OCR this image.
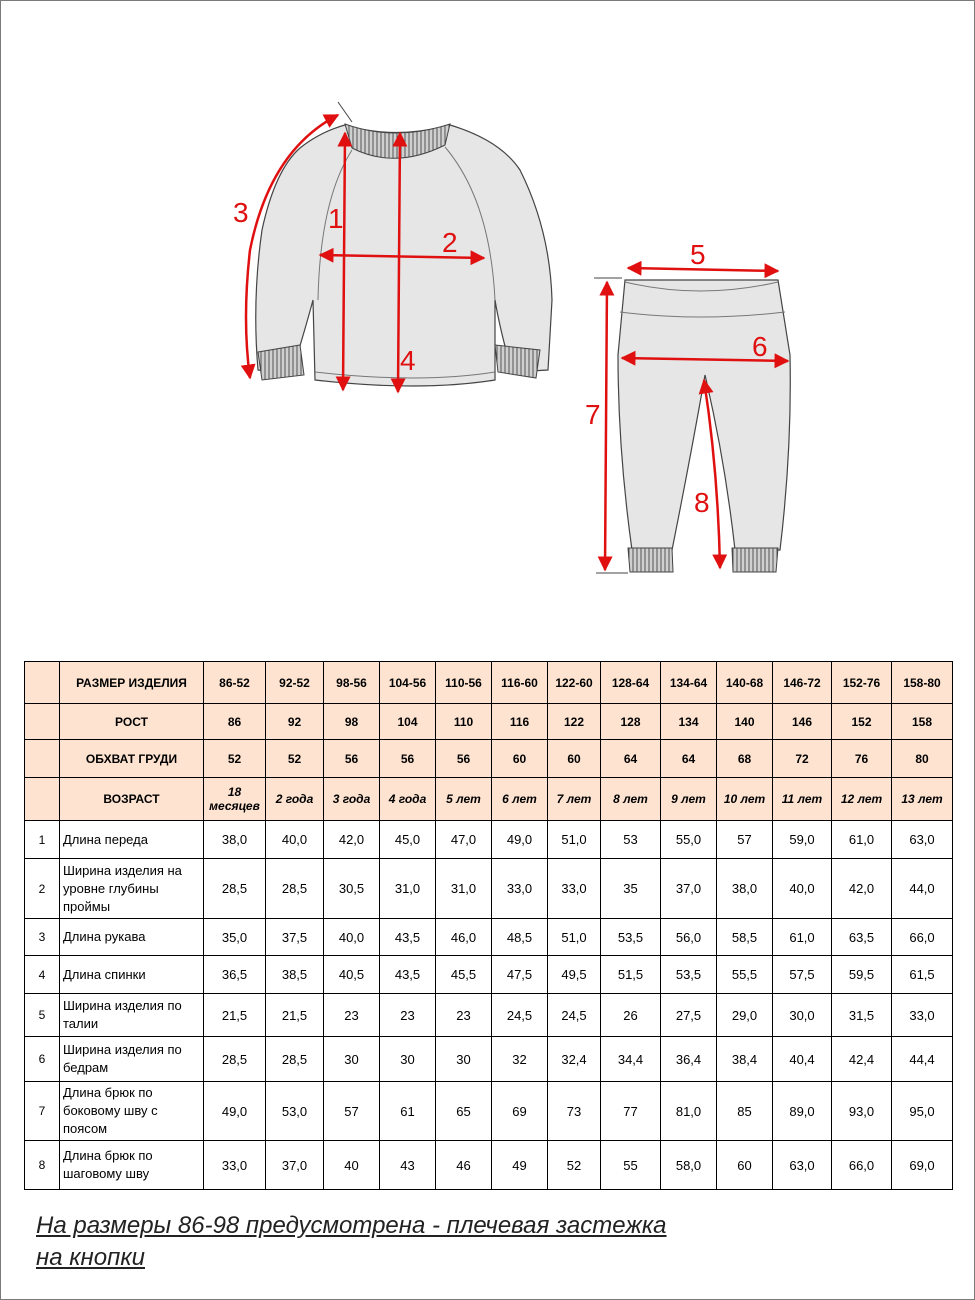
1
2
3
4
5
6
7
8
	РАЗМЕР ИЗДЕЛИЯ	86-52	92-52	98-56	104-56	110-56	116-60	122-60	128-64	134-64	140-68	146-72	152-76	158-80
	РОСТ	86	92	98	104	110	116	122	128	134	140	146	152	158
	ОБХВАТ ГРУДИ	52	52	56	56	56	60	60	64	64	68	72	76	80
	ВОЗРАСТ	18 месяцев	2 года	3 года	4 года	5 лет	6 лет	7 лет	8 лет	9 лет	10 лет	11 лет	12 лет	13 лет
1	Длина переда	38,0	40,0	42,0	45,0	47,0	49,0	51,0	53	55,0	57	59,0	61,0	63,0
2	Ширина изделия на уровне глубины проймы	28,5	28,5	30,5	31,0	31,0	33,0	33,0	35	37,0	38,0	40,0	42,0	44,0
3	Длина рукава	35,0	37,5	40,0	43,5	46,0	48,5	51,0	53,5	56,0	58,5	61,0	63,5	66,0
4	Длина спинки	36,5	38,5	40,5	43,5	45,5	47,5	49,5	51,5	53,5	55,5	57,5	59,5	61,5
5	Ширина изделия по талии	21,5	21,5	23	23	23	24,5	24,5	26	27,5	29,0	30,0	31,5	33,0
6	Ширина изделия по бедрам	28,5	28,5	30	30	30	32	32,4	34,4	36,4	38,4	40,4	42,4	44,4
7	Длина брюк по боковому шву с поясом	49,0	53,0	57	61	65	69	73	77	81,0	85	89,0	93,0	95,0
8	Длина брюк по шаговому шву	33,0	37,0	40	43	46	49	52	55	58,0	60	63,0	66,0	69,0
На размеры 86-98 предусмотрена - плечевая застежка
на кнопки
